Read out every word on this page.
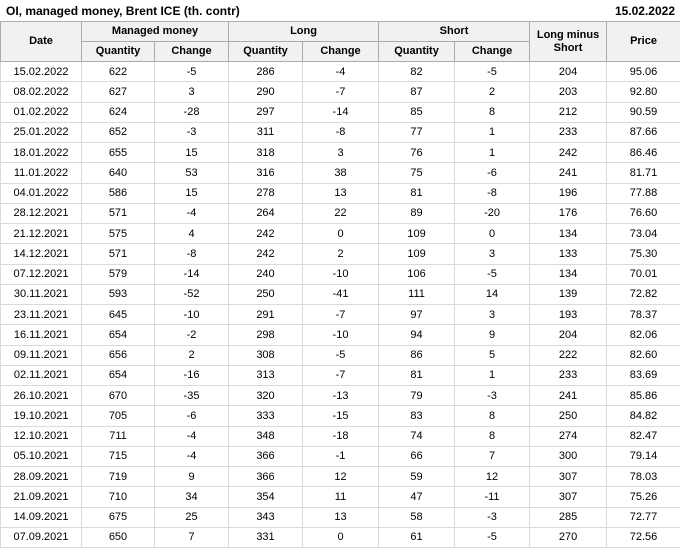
OI, managed money, Brent ICE (th. contr)	15.02.2022
Date	Managed money		Long		Short		Long minus Short	Price
	Quantity	Change	Quantity	Change	Quantity	Change		
15.02.2022	622	-5	286	-4	82	-5	204	95.06
08.02.2022	627	3	290	-7	87	2	203	92.80
01.02.2022	624	-28	297	-14	85	8	212	90.59
25.01.2022	652	-3	311	-8	77	1	233	87.66
18.01.2022	655	15	318	3	76	1	242	86.46
11.01.2022	640	53	316	38	75	-6	241	81.71
04.01.2022	586	15	278	13	81	-8	196	77.88
28.12.2021	571	-4	264	22	89	-20	176	76.60
21.12.2021	575	4	242	0	109	0	134	73.04
14.12.2021	571	-8	242	2	109	3	133	75.30
07.12.2021	579	-14	240	-10	106	-5	134	70.01
30.11.2021	593	-52	250	-41	111	14	139	72.82
23.11.2021	645	-10	291	-7	97	3	193	78.37
16.11.2021	654	-2	298	-10	94	9	204	82.06
09.11.2021	656	2	308	-5	86	5	222	82.60
02.11.2021	654	-16	313	-7	81	1	233	83.69
26.10.2021	670	-35	320	-13	79	-3	241	85.86
19.10.2021	705	-6	333	-15	83	8	250	84.82
12.10.2021	711	-4	348	-18	74	8	274	82.47
05.10.2021	715	-4	366	-1	66	7	300	79.14
28.09.2021	719	9	366	12	59	12	307	78.03
21.09.2021	710	34	354	11	47	-11	307	75.26
14.09.2021	675	25	343	13	58	-3	285	72.77
07.09.2021	650	7	331	0	61	-5	270	72.56
